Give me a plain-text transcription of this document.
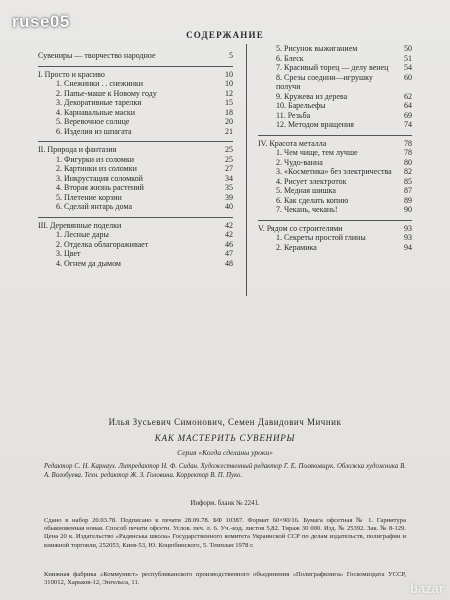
ruse05
СОДЕРЖАНИЕ
Сувениры — творчество народное	5
I. Просто и красиво	10
1. Снежинки . . снежинки	10
2. Папье-маше к Новому году	12
3. Декоративные тарелки	15
4. Карнавальные маски	18
5. Веревочное солнце	20
6. Изделия из шпагата	21
II. Природа и фантазия	25
1. Фигурки из соломки	25
2. Картинки из соломки	27
3. Инкрустация соломкой	34
4. Вторая жизнь растений	35
5. Плетение корзин	39
6. Сделай янтарь дома	40
III. Деревянные поделки	42
1. Лесные дары	42
2. Отделка облагораживает	46
3. Цвет	47
4. Огнем да дымом	48
5. Рисунок выжиганием	50
6. Блеск	51
7. Красивый торец — делу венец	54
8. Срезы соедини—игрушку получи
60
9. Кружева из дерева	62
10. Барельефы	64
11. Резьба	69
12. Методом вращения	74
IV. Красота металла	78
1. Чем чище, тем лучше	78
2. Чудо-ванна	80
3. «Косметика» без электричества	82
4. Рисует электроток	85
5. Медная шишка	87
6. Как сделать копию	89
7. Чекань, чекань!	90
V. Рядом со строителями	93
1. Секреты простой глины	93
2. Керамика	94
Илья Зусьевич Симонович, Семен Давидович Мичник
КАК МАСТЕРИТЬ СУВЕНИРЫ
Серия «Когда сделаны уроки»
Редактор С. Н. Карнаух. Литредактор Н. Ф. Сидан. Художественный редактор Г. Е. Поляковщук. Обложка художника В. А. Волобуева. Техн. редактор Ж. З. Головина. Корректор В. П. Пуко.
Информ. бланк № 2241.
Сдано в набор 20.03.78. Подписано к печати 28.09.78. БФ 10387. Формат 60×90/16. Бумага офсетная № 1. Гарнитура обыкновенная новая. Способ печати офсетн. Услов. печ. л. 6. Уч.-изд. листов 5,82. Тираж 30 000. Изд. № 25392. Зак. № 8-129. Цена 20 к. Издательство «Радянська школа» Государственного комитета Украинской ССР по делам издательств, полиграфии и книжной торговли, 252053, Киев-53, Ю. Коцюбинского, 5. Темплан 1978 г.
Книжная фабрика «Коммунист» республиканского производственного объединения «Полиграфкнига» Госкомиздата УССР, 310012, Харьков-12, Энгельса, 11.	bazar
